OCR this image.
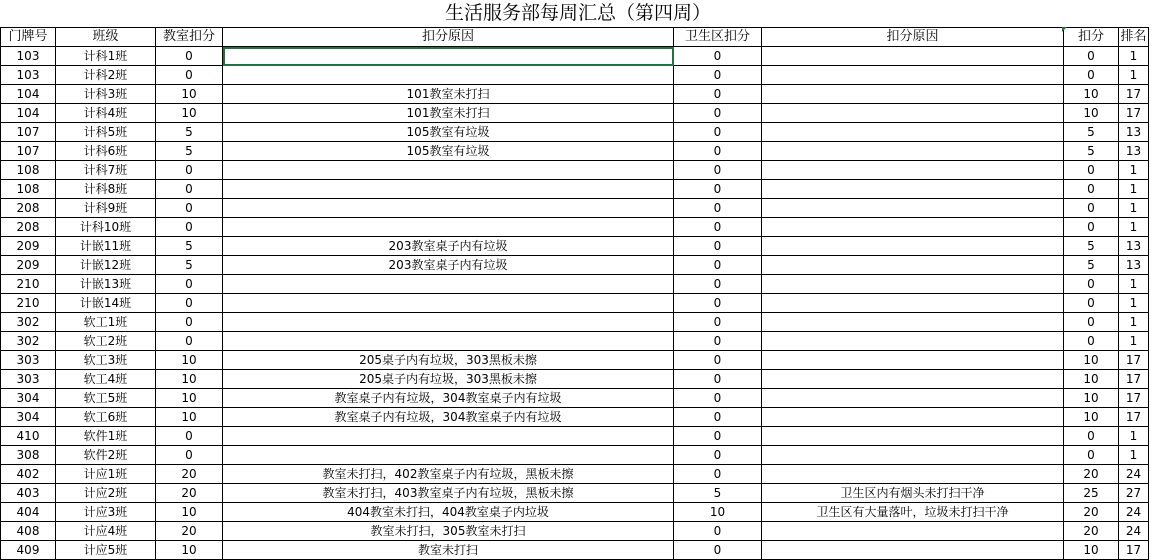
生活服务部每周汇总（第四周）
门牌号	班级	教室扣分	扣分原因	卫生区扣分	扣分原因	扣分	排名
103	计科1班	0		0		0	1
103	计科2班	0		0		0	1
104	计科3班	10	101教室未打扫	0		10	17
104	计科4班	10	101教室未打扫	0		10	17
107	计科5班	5	105教室有垃圾	0		5	13
107	计科6班	5	105教室有垃圾	0		5	13
108	计科7班	0		0		0	1
108	计科8班	0		0		0	1
208	计科9班	0		0		0	1
208	计科10班	0		0		0	1
209	计嵌11班	5	203教室桌子内有垃圾	0		5	13
209	计嵌12班	5	203教室桌子内有垃圾	0		5	13
210	计嵌13班	0		0		0	1
210	计嵌14班	0		0		0	1
302	软工1班	0		0		0	1
302	软工2班	0		0		0	1
303	软工3班	10	205桌子内有垃圾，303黑板未擦	0		10	17
303	软工4班	10	205桌子内有垃圾，303黑板未擦	0		10	17
304	软工5班	10	教室桌子内有垃圾，304教室桌子内有垃圾	0		10	17
304	软工6班	10	教室桌子内有垃圾，304教室桌子内有垃圾	0		10	17
410	软件1班	0		0		0	1
308	软件2班	0		0		0	1
402	计应1班	20	教室未打扫，402教室桌子内有垃圾，黑板未擦	0		20	24
403	计应2班	20	教室未打扫，403教室桌子内有垃圾，黑板未擦	5	卫生区内有烟头未打扫干净	25	27
404	计应3班	10	404教室未打扫，404教室桌子内垃圾	10	卫生区有大量落叶，垃圾未打扫干净	20	24
408	计应4班	20	教室未打扫，305教室未打扫	0		20	24
409	计应5班	10	教室未打扫	0		10	17
